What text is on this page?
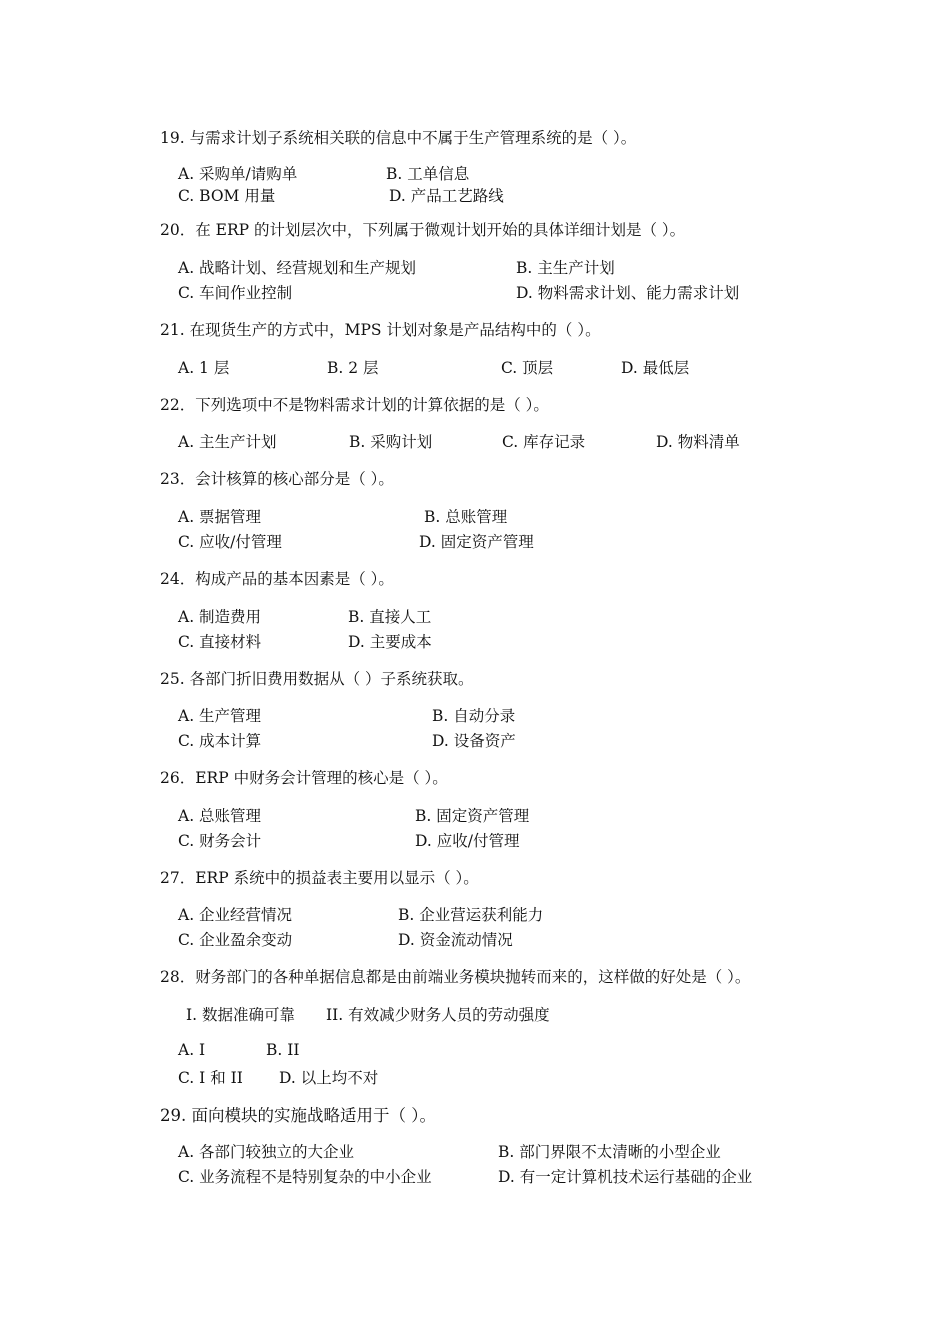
19. 与需求计划子系统相关联的信息中不属于生产管理系统的是（ ）。
A. 采购单/请购单	B. 工单信息
C. BOM 用量	D. 产品工艺路线
20．在 ERP 的计划层次中，下列属于微观计划开始的具体详细计划是（ ）。
A. 战略计划、经营规划和生产规划	B. 主生产计划
C. 车间作业控制	D. 物料需求计划、能力需求计划
21. 在现货生产的方式中，MPS 计划对象是产品结构中的（ ）。
A. 1 层	B. 2 层	C. 顶层	D. 最低层
22．下列选项中不是物料需求计划的计算依据的是（ ）。
A. 主生产计划	B. 采购计划	C. 库存记录	D. 物料清单
23．会计核算的核心部分是（ ）。
A. 票据管理	B. 总账管理
C. 应收/付管理	D. 固定资产管理
24．构成产品的基本因素是（ ）。
A. 制造费用	B. 直接人工
C. 直接材料	D. 主要成本
25. 各部门折旧费用数据从（ ）子系统获取。
A. 生产管理	B. 自动分录
C. 成本计算	D. 设备资产
26．ERP 中财务会计管理的核心是（ ）。
A. 总账管理	B. 固定资产管理
C. 财务会计	D. 应收/付管理
27．ERP 系统中的损益表主要用以显示（ ）。
A. 企业经营情况	B. 企业营运获利能力
C. 企业盈余变动	D. 资金流动情况
28．财务部门的各种单据信息都是由前端业务模块抛转而来的，这样做的好处是（ ）。
I. 数据准确可靠 II. 有效减少财务人员的劳动强度
A. I	B. II
C. I 和 II D. 以上均不对
29. 面向模块的实施战略适用于（ ）。
A. 各部门较独立的大企业	B. 部门界限不太清晰的小型企业
C. 业务流程不是特别复杂的中小企业	D. 有一定计算机技术运行基础的企业
